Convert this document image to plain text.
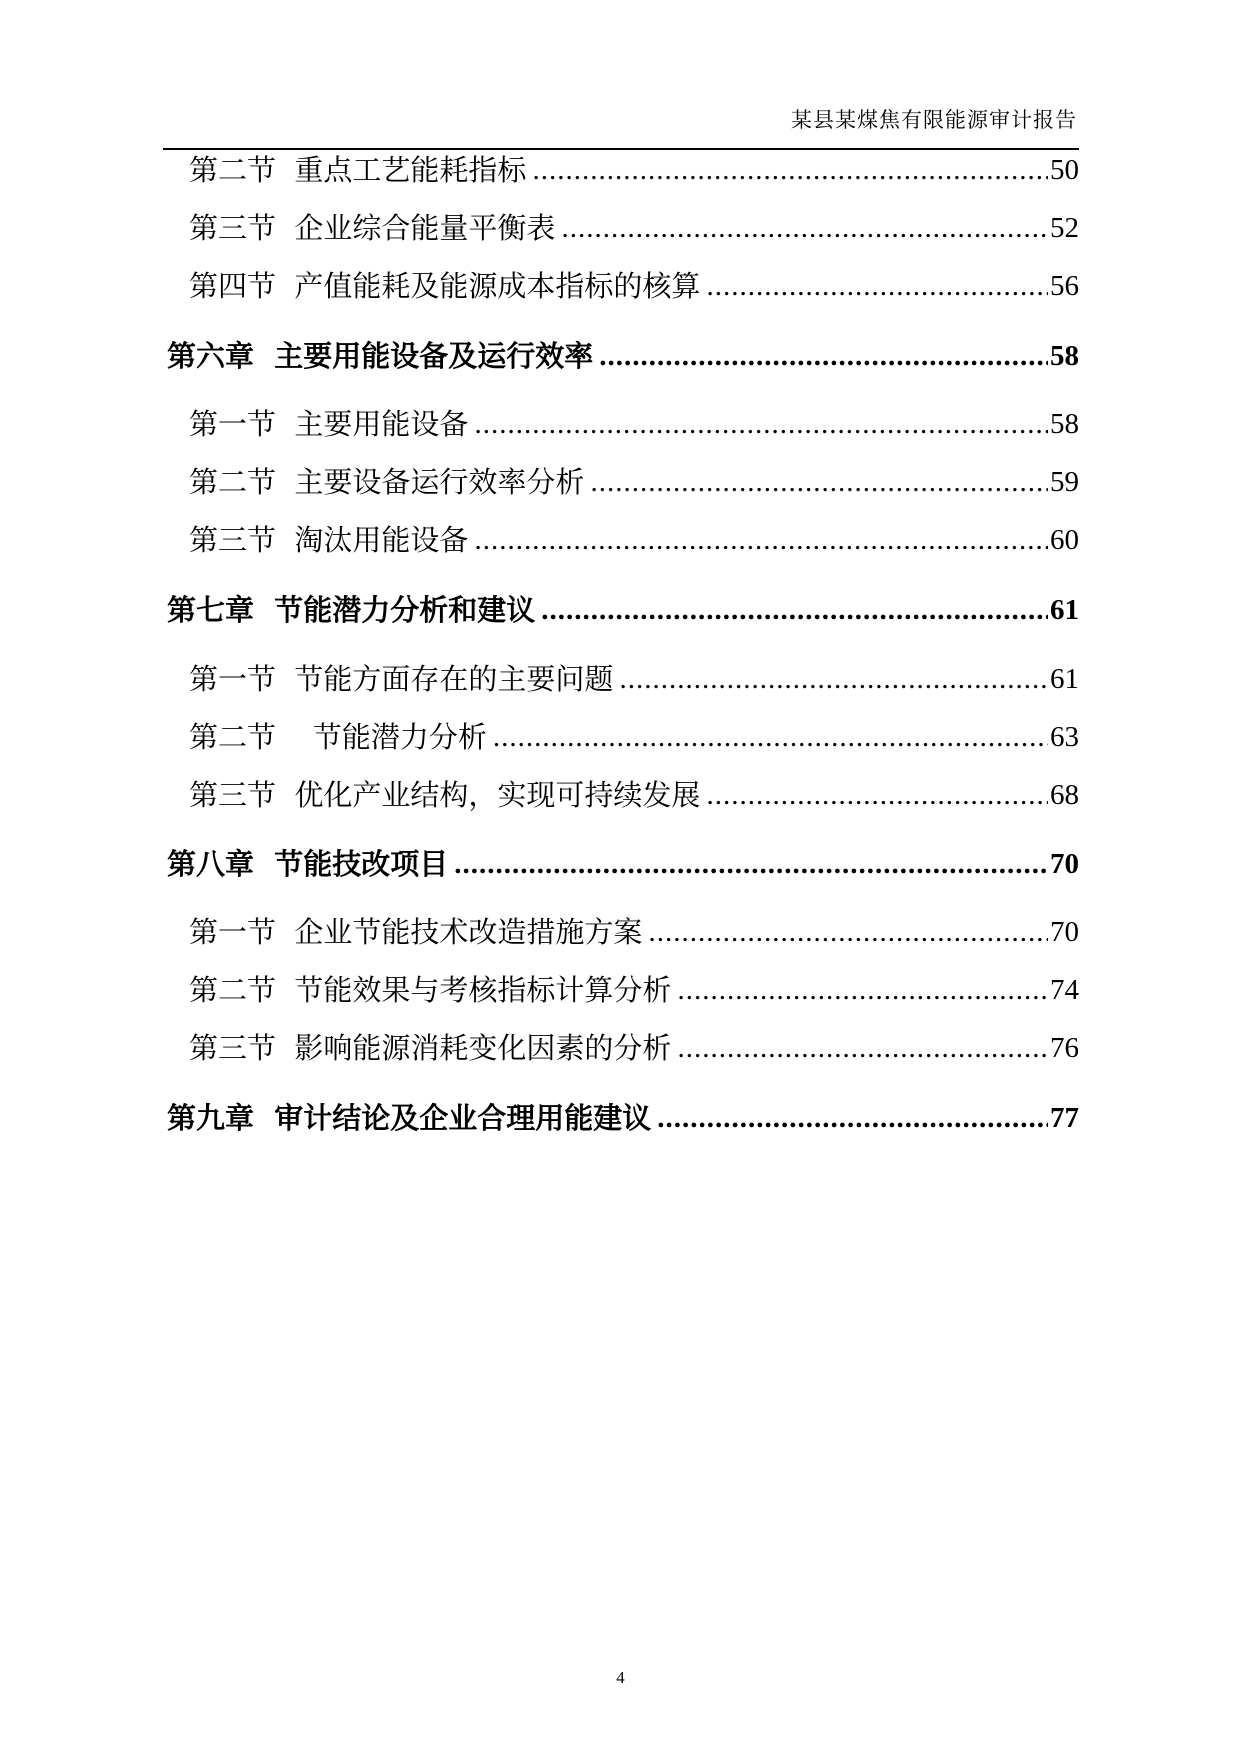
某县某煤焦有限能源审计报告
第二节  重点工艺能耗指标 .....	50
第三节  企业综合能量平衡表 .....	52
第四节  产值能耗及能源成本指标的核算 .....	56
第六章  主要用能设备及运行效率 .....	58
第一节  主要用能设备 .....	58
第二节  主要设备运行效率分析 .....	59
第三节  淘汰用能设备 .....	60
第七章  节能潜力分析和建议 .....	61
第一节  节能方面存在的主要问题 .....	61
第二节    节能潜力分析 .....	63
第三节  优化产业结构，实现可持续发展 .....	68
第八章  节能技改项目 .....	70
第一节  企业节能技术改造措施方案 .....	70
第二节  节能效果与考核指标计算分析 .....	74
第三节  影响能源消耗变化因素的分析 .....	76
第九章  审计结论及企业合理用能建议 .....	77
4
